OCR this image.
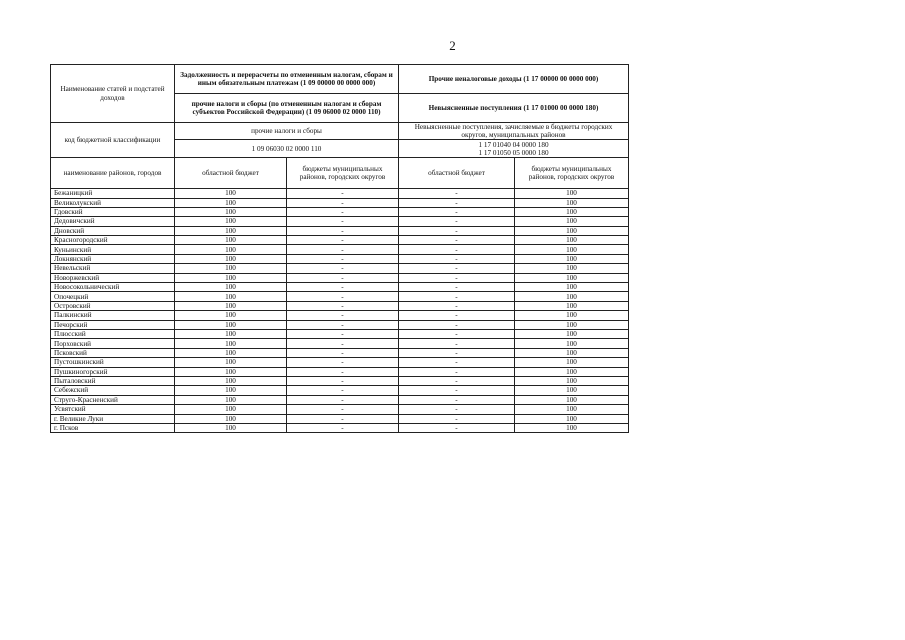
2
Наименование статей и подстатей доходов	Задолженность и перерасчеты по отмененным налогам, сборам и иным обязательным платежам (1 09 00000 00 0000 000)		Прочие неналоговые доходы (1 17 00000 00 0000 000)	
	прочие налоги и сборы (по отмененным налогам и сборам субъектов Российской Федерации) (1 09 06000 02 0000 110)		Невыясненные поступления (1 17 01000 00 0000 180)	
код бюджетной классификации	прочие налоги и сборы		Невыясненные поступления, зачисляемые в бюджеты городских округов, муниципальных районов	
	1 09 06030 02 0000 110		1 17 01040 04 0000 180
1 17 01050 05 0000 180	

наименование районов, городов	областной бюджет	бюджеты муниципальных районов, городских округов	областной бюджет	бюджеты муниципальных районов, городских округов
Бежаницкий	100	-	-	100
Великолукский	100	-	-	100
Гдовский	100	-	-	100
Дедовичский	100	-	-	100
Дновский	100	-	-	100
Красногородский	100	-	-	100
Куньинский	100	-	-	100
Локнянский	100	-	-	100
Невельский	100	-	-	100
Новоржевский	100	-	-	100
Новосокольнический	100	-	-	100
Опочецкий	100	-	-	100
Островский	100	-	-	100
Палкинский	100	-	-	100
Печорский	100	-	-	100
Плюсский	100	-	-	100
Порховский	100	-	-	100
Псковский	100	-	-	100
Пустошкинский	100	-	-	100
Пушкиногорский	100	-	-	100
Пыталовский	100	-	-	100
Себежский	100	-	-	100
Струго-Красненский	100	-	-	100
Усвятский	100	-	-	100
г. Великие Луки	100	-	-	100
г. Псков	100	-	-	100
